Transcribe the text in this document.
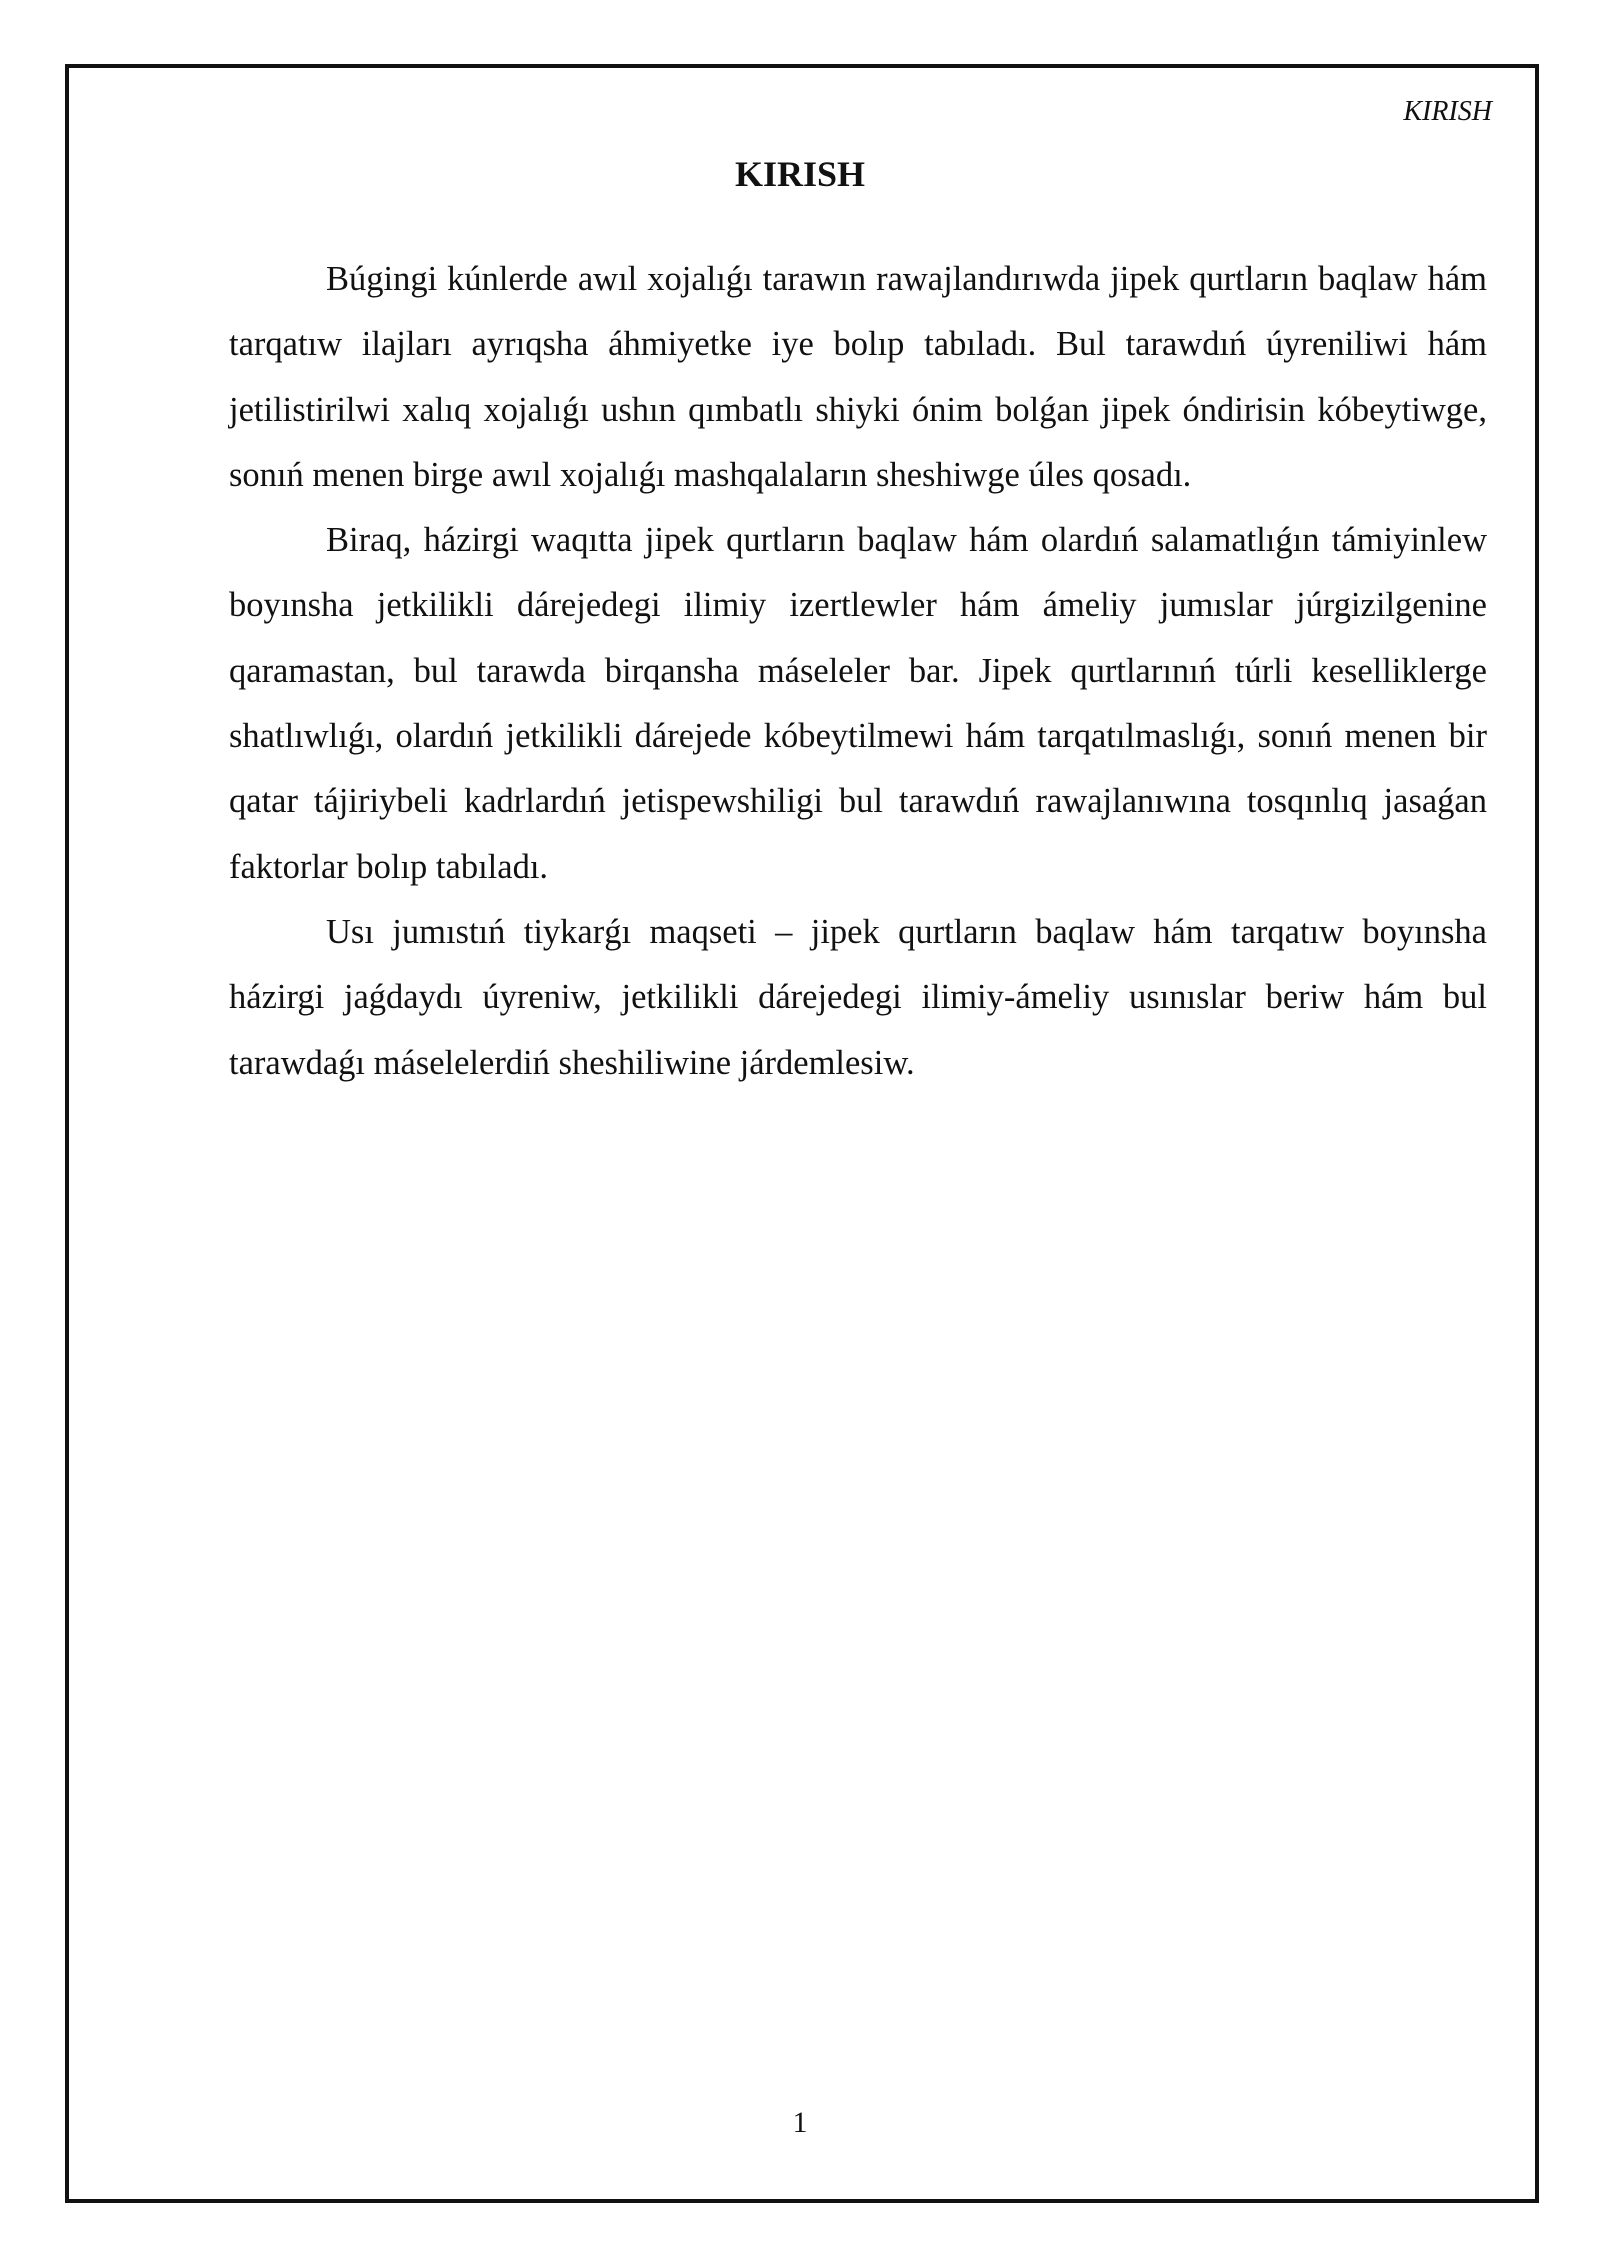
KIRISH
KIRISH

Búgingi kúnlerde awıl xojalıǵı tarawın rawajlandırıwda jipek qurtların baqlaw hám tarqatıw ilajları ayrıqsha áhmiyetke iye bolıp tabıladı. Bul tarawdıń úyreniliwi hám jetilistirilwi xalıq xojalıǵı ushın qımbatlı shiyki ónim bolǵan jipek óndirisin kóbeytiwge, sonıń menen birge awıl xojalıǵı mashqalaların sheshiwge úles qosadı.

Biraq, házirgi waqıtta jipek qurtların baqlaw hám olardıń salamatlıǵın támiyinlew boyınsha jetkilikli dárejedegi ilimiy izertlewler hám ámeliy jumıslar júrgizilgenine qaramastan, bul tarawda birqansha máseleler bar. Jipek qurtlarınıń túrli keselliklerge shatlıwlıǵı, olardıń jetkilikli dárejede kóbeytilmewi hám tarqatılmaslıǵı, sonıń menen bir qatar tájiriybeli kadrlardıń jetispewshiligi bul tarawdıń rawajlanıwına tosqınlıq jasaǵan faktorlar bolıp tabıladı.

Usı jumıstıń tiykarǵı maqseti – jipek qurtların baqlaw hám tarqatıw boyınsha házirgi jaǵdaydı úyreniw, jetkilikli dárejedegi ilimiy-ámeliy usınıslar beriw hám bul tarawdaǵı máselelerdiń sheshiliwine járdemlesiw.

1
